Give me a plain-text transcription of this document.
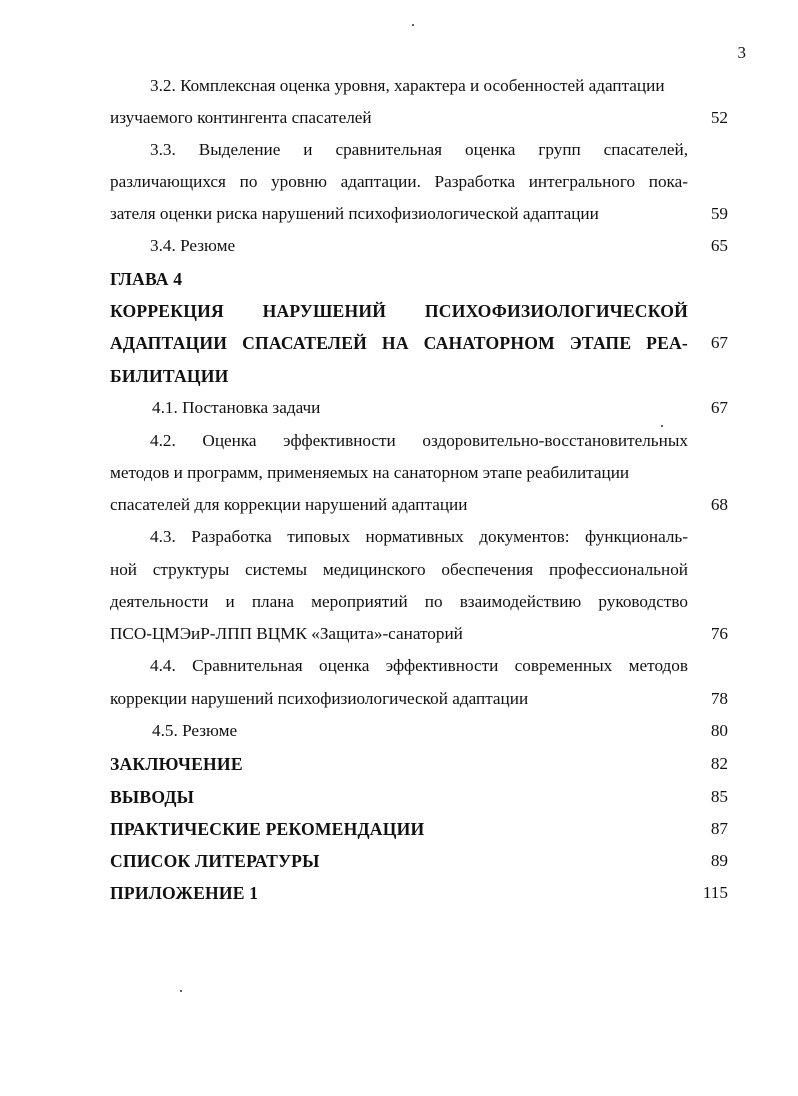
3
3.2. Комплексная оценка уровня, характера и особенностей адаптации
изучаемого контингента спасателей	52
3.3. Выделение и сравнительная оценка групп спасателей,
различающихся по уровню адаптации. Разработка интегрального пока-
зателя оценки риска нарушений психофизиологической адаптации	59
3.4. Резюме	65
ГЛАВА 4
КОРРЕКЦИЯ НАРУШЕНИЙ ПСИХОФИЗИОЛОГИЧЕСКОЙ
АДАПТАЦИИ СПАСАТЕЛЕЙ НА САНАТОРНОМ ЭТАПЕ РЕА-	67
БИЛИТАЦИИ
4.1. Постановка задачи	67
4.2. Оценка эффективности оздоровительно-восстановительных
методов и программ, применяемых на санаторном этапе реабилитации
спасателей для коррекции нарушений адаптации	68
4.3. Разработка типовых нормативных документов: функциональ-
ной структуры системы медицинского обеспечения профессиональной
деятельности и плана мероприятий по взаимодействию руководство
ПСО-ЦМЭиР-ЛПП ВЦМК «Защита»-санаторий	76
4.4. Сравнительная оценка эффективности современных методов
коррекции нарушений психофизиологической адаптации	78
4.5. Резюме	80
ЗАКЛЮЧЕНИЕ	82
ВЫВОДЫ	85
ПРАКТИЧЕСКИЕ РЕКОМЕНДАЦИИ	87
СПИСОК ЛИТЕРАТУРЫ	89
ПРИЛОЖЕНИЕ 1	115
